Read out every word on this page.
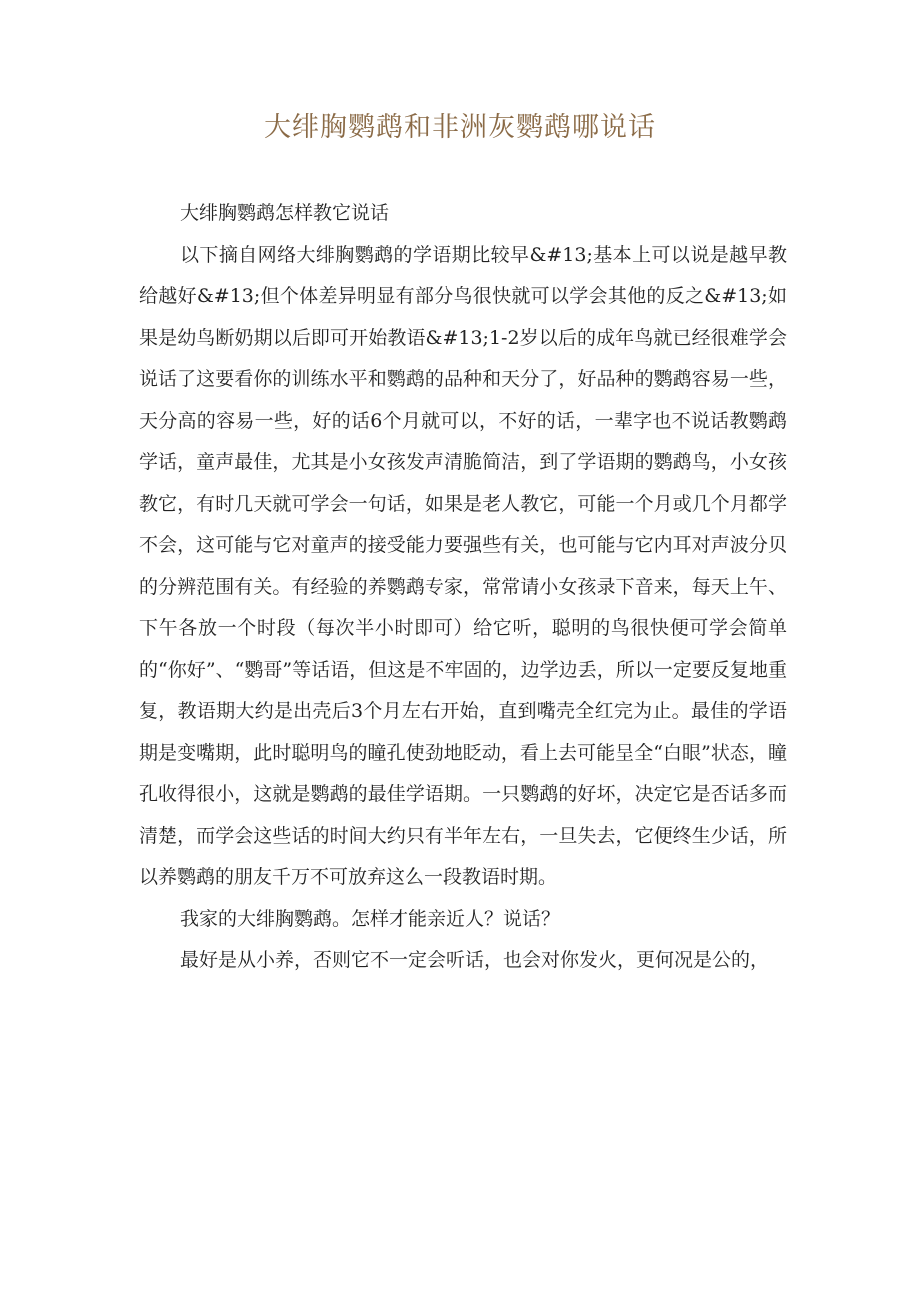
大绯胸鹦鹉和非洲灰鹦鹉哪说话

大绯胸鹦鹉怎样教它说话

以下摘自网络大绯胸鹦鹉的学语期比较早&#13;基本上可以说是越早教给越好&#13;但个体差异明显有部分鸟很快就可以学会其他的反之&#13;如果是幼鸟断奶期以后即可开始教语&#13;1-2岁以后的成年鸟就已经很难学会说话了这要看你的训练水平和鹦鹉的品种和天分了，好品种的鹦鹉容易一些，天分高的容易一些，好的话6个月就可以，不好的话，一辈字也不说话教鹦鹉学话，童声最佳，尤其是小女孩发声清脆简洁，到了学语期的鹦鹉鸟，小女孩教它，有时几天就可学会一句话，如果是老人教它，可能一个月或几个月都学不会，这可能与它对童声的接受能力要强些有关，也可能与它内耳对声波分贝的分辨范围有关。有经验的养鹦鹉专家，常常请小女孩录下音来，每天上午、下午各放一个时段（每次半小时即可）给它听，聪明的鸟很快便可学会简单的“你好”、“鹦哥”等话语，但这是不牢固的，边学边丢，所以一定要反复地重复，教语期大约是出壳后3个月左右开始，直到嘴壳全红完为止。最佳的学语期是变嘴期，此时聪明鸟的瞳孔使劲地眨动，看上去可能呈全“白眼”状态，瞳孔收得很小，这就是鹦鹉的最佳学语期。一只鹦鹉的好坏，决定它是否话多而清楚，而学会这些话的时间大约只有半年左右，一旦失去，它便终生少话，所以养鹦鹉的朋友千万不可放弃这么一段教语时期。

我家的大绯胸鹦鹉。怎样才能亲近人？说话？

最好是从小养，否则它不一定会听话，也会对你发火，更何况是公的，
